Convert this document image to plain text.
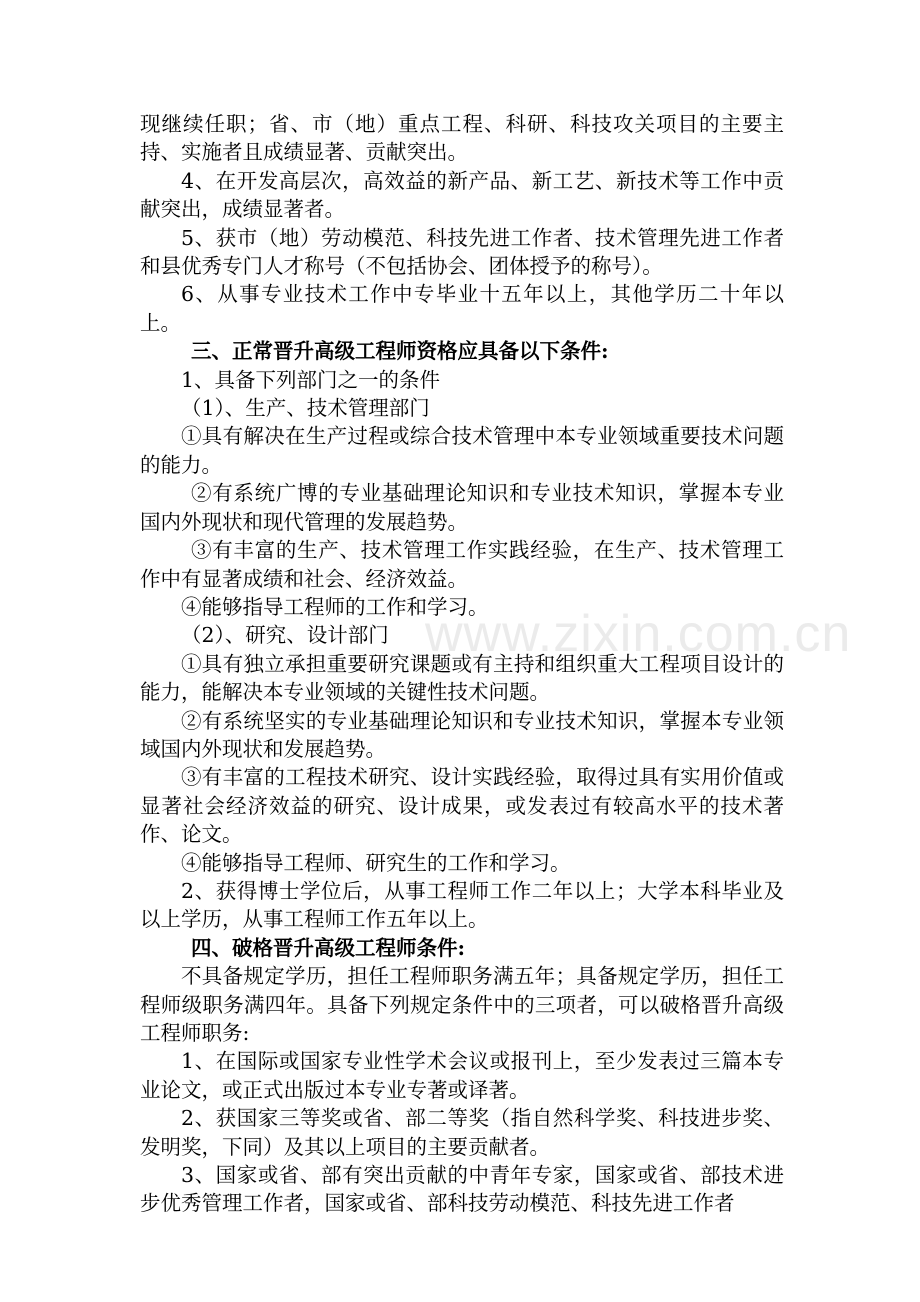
www.zixin.com.cn

现继续任职；省、市（地）重点工程、科研、科技攻关项目的主要主持、实施者且成绩显著、贡献突出。

4、在开发高层次，高效益的新产品、新工艺、新技术等工作中贡献突出，成绩显著者。

5、获市（地）劳动模范、科技先进工作者、技术管理先进工作者和县优秀专门人才称号（不包括协会、团体授予的称号）。

6、从事专业技术工作中专毕业十五年以上，其他学历二十年以上。

三、正常晋升高级工程师资格应具备以下条件:

1、具备下列部门之一的条件

（1）、生产、技术管理部门

①具有解决在生产过程或综合技术管理中本专业领域重要技术问题的能力。

②有系统广博的专业基础理论知识和专业技术知识，掌握本专业国内外现状和现代管理的发展趋势。

③有丰富的生产、技术管理工作实践经验，在生产、技术管理工作中有显著成绩和社会、经济效益。

④能够指导工程师的工作和学习。

（2）、研究、设计部门

①具有独立承担重要研究课题或有主持和组织重大工程项目设计的能力，能解决本专业领域的关键性技术问题。

②有系统坚实的专业基础理论知识和专业技术知识，掌握本专业领域国内外现状和发展趋势。

③有丰富的工程技术研究、设计实践经验，取得过具有实用价值或显著社会经济效益的研究、设计成果，或发表过有较高水平的技术著作、论文。

④能够指导工程师、研究生的工作和学习。

2、获得博士学位后，从事工程师工作二年以上；大学本科毕业及以上学历，从事工程师工作五年以上。

四、破格晋升高级工程师条件:

不具备规定学历，担任工程师职务满五年；具备规定学历，担任工程师级职务满四年。具备下列规定条件中的三项者，可以破格晋升高级工程师职务:

1、在国际或国家专业性学术会议或报刊上，至少发表过三篇本专业论文，或正式出版过本专业专著或译著。

2、获国家三等奖或省、部二等奖（指自然科学奖、科技进步奖、发明奖，下同）及其以上项目的主要贡献者。

3、国家或省、部有突出贡献的中青年专家，国家或省、部技术进步优秀管理工作者，国家或省、部科技劳动模范、科技先进工作者
